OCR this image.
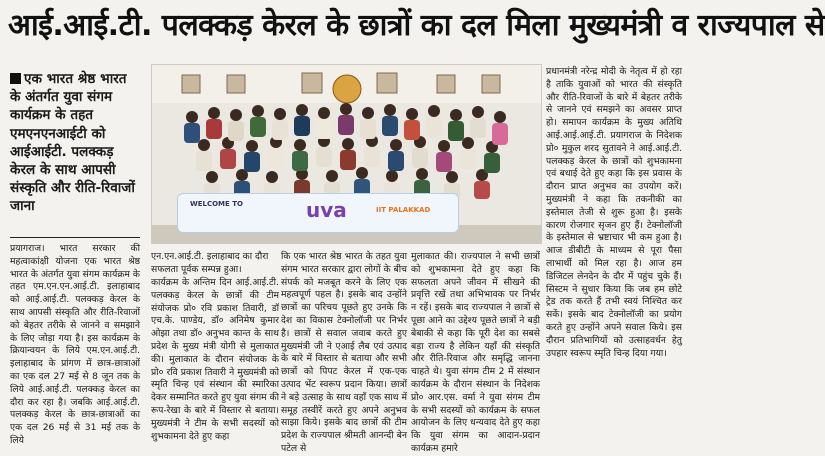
आई.आई.टी. पलक्कड़ केरल के छात्रों का दल मिला मुख्यमंत्री व राज्यपाल से
एक भारत श्रेष्ठ भारत के अंतर्गत युवा संगम कार्यक्रम के तहत एमएनएनआईटी को आईआईटी. पलक्कड़ केरल के साथ आपसी संस्कृति और रीति-रिवाजों जाना

प्रयागराज। भारत सरकार की महत्वाकांक्षी योजना एक भारत श्रेष्ठ भारत के अंतर्गत युवा संगम कार्यक्रम के तहत एम.एन.एन.आई.टी. इलाहाबाद को आई.आई.टी. पलक्कड़ केरल के साथ आपसी संस्कृति और रीति-रिवाजों को बेहतर तरीके से जानने व समझाने के लिए जोड़ा गया है। इस कार्यक्रम के क्रियान्वयन के लिये एम.एन.आई.टी. इलाहाबाद के प्रांगण में छात्र-छात्राओं का एक दल 27 मई से 8 जून तक के लिये आई.आई.टी. पलक्कड़ केरल का दौरा कर रहा है। जबकि आई.आई.टी. पलक्कड़ केरल के छात्र-छात्राओं का एक दल 26 मई से 31 मई तक के लिये

WELCOME TO	uva	IIT PALAKKAD

एन.एन.आई.टी. इलाहाबाद का दौरा सफलता पूर्वक सम्पन्न हुआ।

कार्यक्रम के अन्तिम दिन आई.आई.टी. पलक्कड़ केरल के छात्रों की टीम संयोजक प्रो० रवि प्रकाश तिवारी, डॉ एच.के. पाण्डेय, डॉ० अनिमेष कुमार ओझा तथा डॉ० अनुभव कान्त के साथ प्रदेश के मुख्य मंत्री योगी से मुलाकात की। मुलाकात के दौरान संयोजक के प्रो० रवि प्रकाश तिवारी ने मुख्यमंत्री को स्मृति चिन्ह एवं संस्थान की स्मारिका देकर सम्मानित करते हुए युवा संगम की रूप-रेखा के बारे में विस्तार से बताया। मुख्यमंत्री ने टीम के सभी सदस्यों को शुभकामना देते हुए कहा

कि एक भारत श्रेष्ठ भारत के तहत युवा संगम भारत सरकार द्वारा लोगों के बीच संपर्क को मजबूत करने के लिए एक महत्वपूर्ण पहल है। इसके बाद उन्होंने छात्रों का परिचय पूछते हुए उनके कि देश का विकास टेक्नोलॉजी पर निर्भर है। छात्रों से सवाल जवाब करते हुए मुख्यमंत्री जी ने एआई लैब एवं उत्पाद के बारे में विस्तार से बताया और सभी छात्रों को पिपट केरल में एक-एक उत्पाद भेंट स्वरूप प्रदान किया। छात्रों ने बड़े उत्साह के साथ वहाँ एक साथ में समूह तस्वीरें करते हुए अपने अनुभव साझा किये। इसके बाद छात्रों की टीम प्रदेश के राज्यपाल श्रीमती आनन्दी बेन पटेल से

मुलाकात की। राज्यपाल ने सभी छात्रों को शुभकामना देते हुए कहा कि सफलता अपने जीवन में सीखने की प्रवृत्ति रखें तथा अभिभावक पर निर्भर न रहें। इसके बाद राज्यपाल ने छात्रों से पूछा आने का उद्देश्य पूछते छात्रों ने बड़ी बेबाकी से कहा कि पूरी देश का सबसे बड़ा राज्य है लेकिन यहाँ की संस्कृति और रीति-रिवाज और समृद्धि जानना चाहते थे। युवा संगम टीम 2 में संस्थान कार्यक्रम के दौरान संस्थान के निदेशक प्रो० आर.एस. वर्मा ने युवा संगम टीम के सभी सदस्यों को कार्यक्रम के सफल आयोजन के लिए धन्यवाद देते हुए कहा कि युवा संगम का आदान-प्रदान कार्यक्रम हमारे

प्रधानमंत्री नरेन्द्र मोदी के नेतृत्व में हो रहा है ताकि युवाओं को भारत की संस्कृति और रीति-रिवाजों के बारे में बेहतर तरीके से जानने एवं समझने का अवसर प्राप्त हो। समापन कार्यक्रम के मुख्य अतिथि आई.आई.आई.टी. प्रयागराज के निदेशक प्रो० मुकुल शरद सुतावने ने आई.आई.टी. पलक्कड़ केरल के छात्रों को शुभकामना एवं बधाई देते हुए कहा कि इस प्रवास के दौरान प्राप्त अनुभव का उपयोग करें। मुख्यमंत्री ने कहा कि तकनीकी का इस्तेमाल तेजी से शुरू हुआ है। इसके कारण रोजगार सृजन हुए हैं। टेक्नोलॉजी के इस्तेमाल से भ्रष्टाचार भी कम हुआ है। आज डीबीटी के माध्यम से पूरा पैसा लाभार्थी को मिल रहा है। आज हम डिजिटल लेनदेन के दौर में पहुंच चुके हैं। सिस्टम ने सुधार किया कि जब हम छोटे ट्रेड तक करते हैं तभी स्वयं निश्चित कर सकें। इसके बाद टेक्नोलॉजी का प्रयोग करते हुए उन्होंने अपने सवाल किये। इस दौरान प्रतिभागियों को उत्साहवर्धन हेतु उपहार स्वरूप स्मृति चिन्ह दिया गया।
